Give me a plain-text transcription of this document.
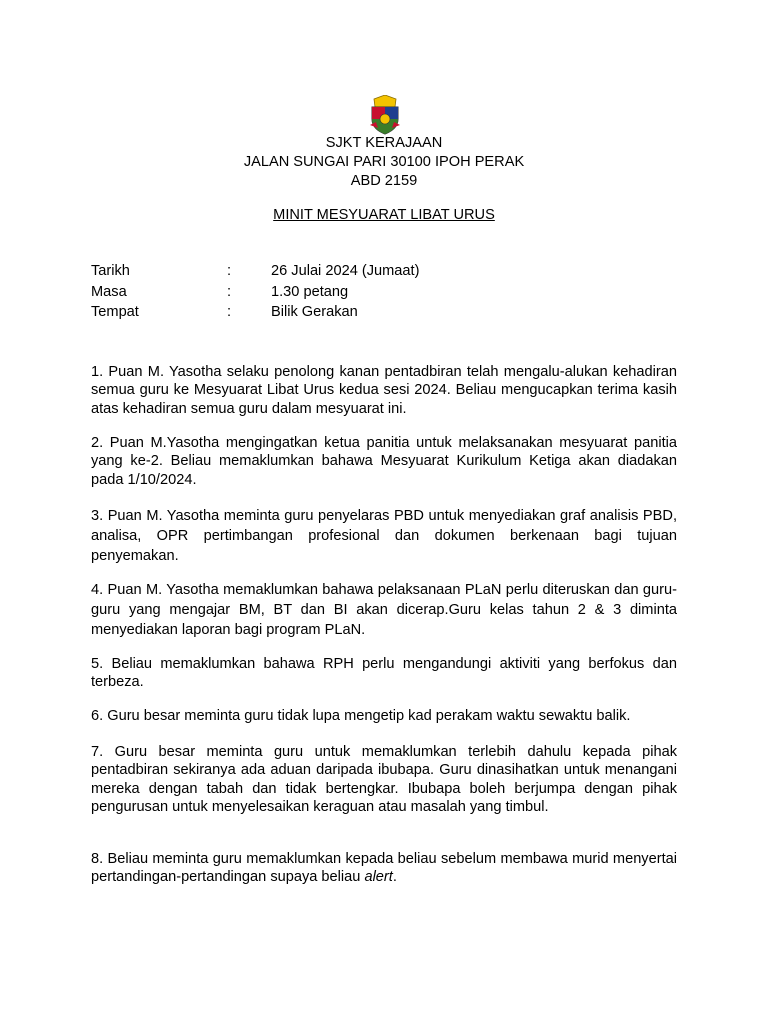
SJKT KERAJAAN
JALAN SUNGAI PARI 30100 IPOH PERAK
ABD 2159
MINIT MESYUARAT LIBAT URUS
Tarikh	:	26 Julai 2024 (Jumaat)
Masa	:	1.30 petang
Tempat	:	Bilik Gerakan

1. Puan M. Yasotha selaku penolong kanan pentadbiran telah mengalu-alukan kehadiran semua guru ke Mesyuarat Libat Urus kedua sesi 2024. Beliau mengucapkan terima kasih atas kehadiran semua guru dalam mesyuarat ini.

2. Puan M.Yasotha mengingatkan ketua panitia untuk melaksanakan mesyuarat panitia yang ke-2. Beliau memaklumkan bahawa Mesyuarat Kurikulum Ketiga akan diadakan pada 1/10/2024.

3. Puan M. Yasotha meminta guru penyelaras PBD untuk menyediakan graf analisis PBD, analisa, OPR pertimbangan profesional dan dokumen berkenaan bagi tujuan penyemakan.

4. Puan M. Yasotha memaklumkan bahawa pelaksanaan PLaN perlu diteruskan dan guru-guru yang mengajar BM, BT dan BI akan dicerap.Guru kelas tahun 2 & 3 diminta menyediakan laporan bagi program PLaN.

5. Beliau memaklumkan bahawa RPH perlu mengandungi aktiviti yang berfokus dan terbeza.

6. Guru besar meminta guru tidak lupa mengetip kad perakam waktu sewaktu balik.

7. Guru besar meminta guru untuk memaklumkan terlebih dahulu kepada pihak pentadbiran sekiranya ada aduan daripada ibubapa. Guru dinasihatkan untuk menangani mereka dengan tabah dan tidak bertengkar. Ibubapa boleh berjumpa dengan pihak pengurusan untuk menyelesaikan keraguan atau masalah yang timbul.

8. Beliau meminta guru memaklumkan kepada beliau sebelum membawa murid menyertai pertandingan-pertandingan supaya beliau alert.
